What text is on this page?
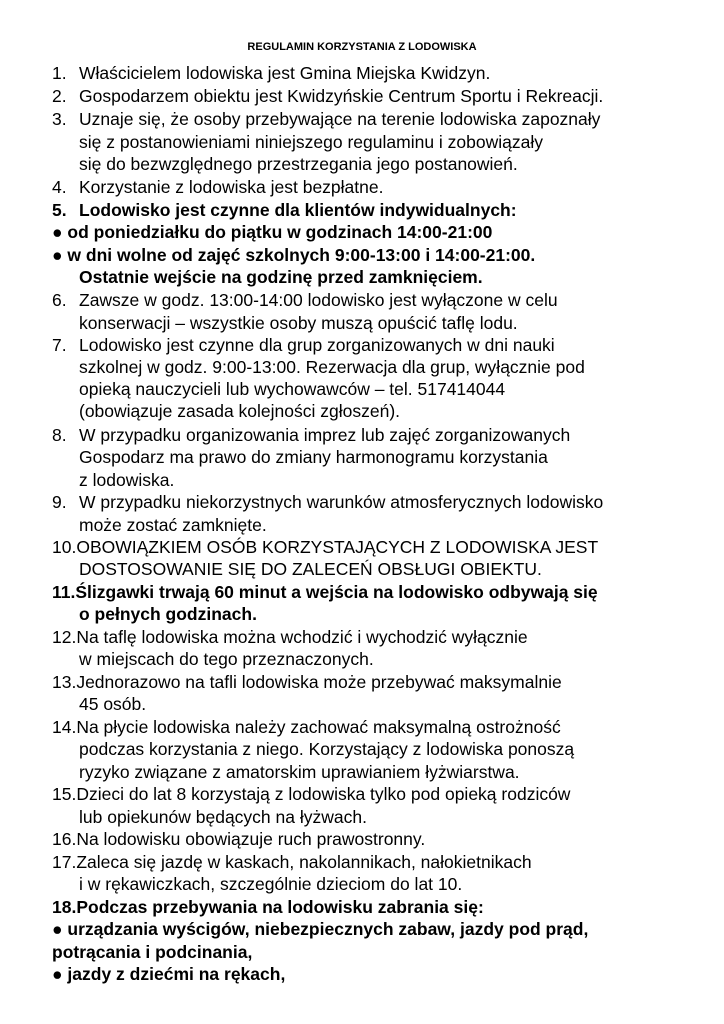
REGULAMIN KORZYSTANIA Z LODOWISKA
1. Właścicielem lodowiska jest Gmina Miejska Kwidzyn.
2. Gospodarzem obiektu jest Kwidzyńskie Centrum Sportu i Rekreacji.
3. Uznaje się, że osoby przebywające na terenie lodowiska zapoznały
się z postanowieniami niniejszego regulaminu i zobowiązały
się do bezwzględnego przestrzegania jego postanowień.
4. Korzystanie z lodowiska jest bezpłatne.
5. Lodowisko jest czynne dla klientów indywidualnych:
● od poniedziałku do piątku w godzinach 14:00-21:00
● w dni wolne od zajęć szkolnych 9:00-13:00 i 14:00-21:00.
Ostatnie wejście na godzinę przed zamknięciem.
6. Zawsze w godz. 13:00-14:00 lodowisko jest wyłączone w celu
konserwacji – wszystkie osoby muszą opuścić taflę lodu.
7. Lodowisko jest czynne dla grup zorganizowanych w dni nauki
szkolnej w godz. 9:00-13:00. Rezerwacja dla grup, wyłącznie pod
opieką nauczycieli lub wychowawców – tel. 517414044
(obowiązuje zasada kolejności zgłoszeń).
8. W przypadku organizowania imprez lub zajęć zorganizowanych
Gospodarz ma prawo do zmiany harmonogramu korzystania
z lodowiska.
9. W przypadku niekorzystnych warunków atmosferycznych lodowisko
może zostać zamknięte.
10.OBOWIĄZKIEM OSÓB KORZYSTAJĄCYCH Z LODOWISKA JEST
DOSTOSOWANIE SIĘ DO ZALECEŃ OBSŁUGI OBIEKTU.
11.Ślizgawki trwają 60 minut a wejścia na lodowisko odbywają się
o pełnych godzinach.
12.Na taflę lodowiska można wchodzić i wychodzić wyłącznie
w miejscach do tego przeznaczonych.
13.Jednorazowo na tafli lodowiska może przebywać maksymalnie
45 osób.
14.Na płycie lodowiska należy zachować maksymalną ostrożność
podczas korzystania z niego. Korzystający z lodowiska ponoszą
ryzyko związane z amatorskim uprawianiem łyżwiarstwa.
15.Dzieci do lat 8 korzystają z lodowiska tylko pod opieką rodziców
lub opiekunów będących na łyżwach.
16.Na lodowisku obowiązuje ruch prawostronny.
17.Zaleca się jazdę w kaskach, nakolannikach, nałokietnikach
i w rękawiczkach, szczególnie dzieciom do lat 10.
18.Podczas przebywania na lodowisku zabrania się:
● urządzania wyścigów, niebezpiecznych zabaw, jazdy pod prąd,
potrącania i podcinania,
● jazdy z dziećmi na rękach,
